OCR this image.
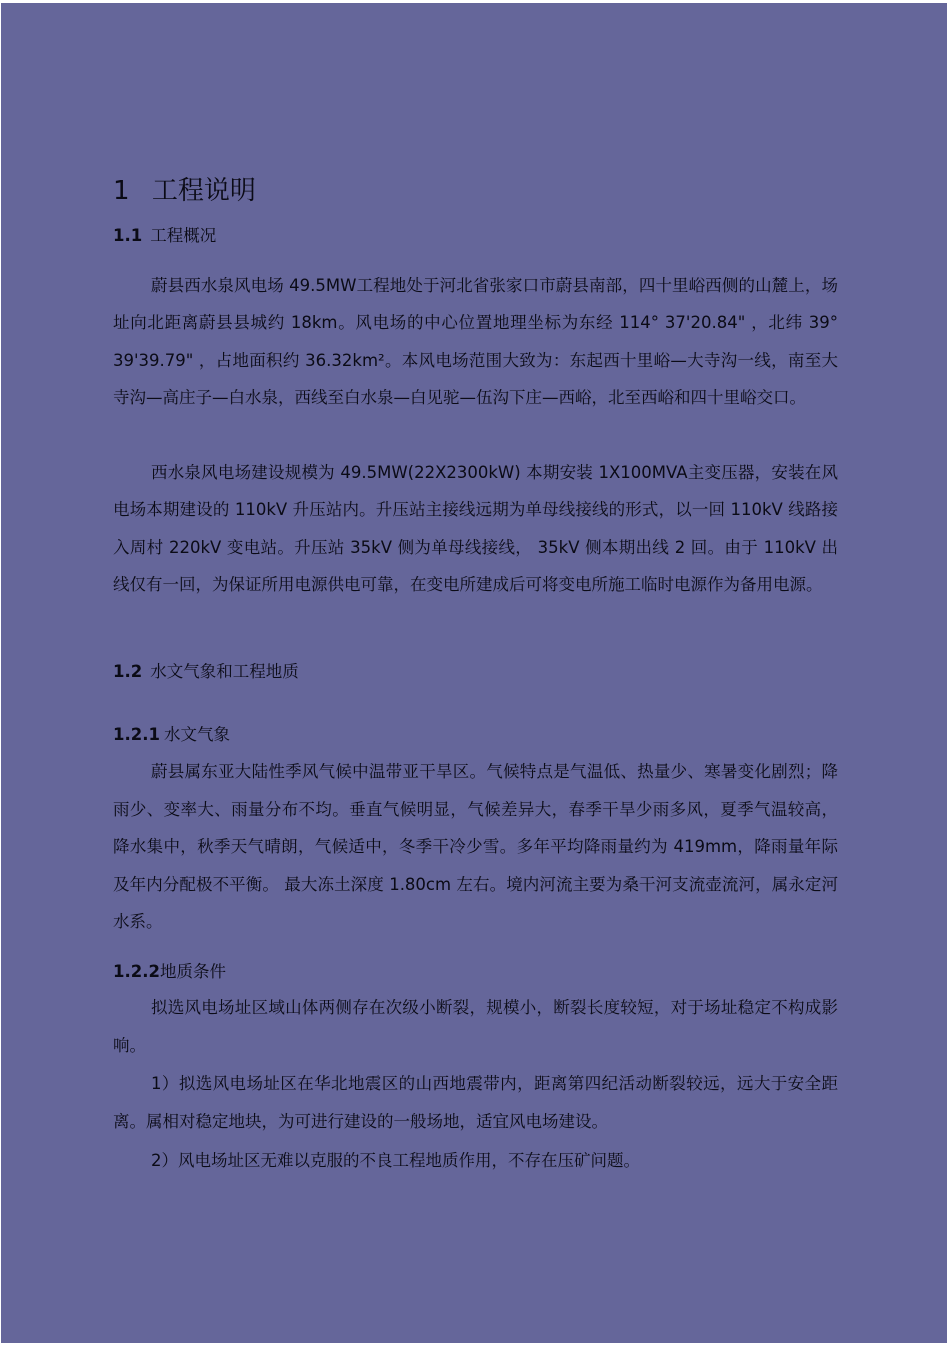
1 工程说明
1.1 工程概况

蔚县西水泉风电场 49.5MW工程地处于河北省张家口市蔚县南部，四十里峪西侧的山麓上，场址向北距离蔚县县城约 18km。风电场的中心位置地理坐标为东经 114° 37'20.84" ，北纬 39° 39'39.79" ，占地面积约 36.32km²。本风电场范围大致为：东起西十里峪—大寺沟一线，南至大寺沟—高庄子—白水泉，西线至白水泉—白见驼—伍沟下庄—西峪，北至西峪和四十里峪交口。

西水泉风电场建设规模为 49.5MW(22X2300kW) 本期安装 1X100MVA主变压器，安装在风电场本期建设的 110kV 升压站内。升压站主接线远期为单母线接线的形式，以一回 110kV 线路接入周村 220kV 变电站。升压站 35kV 侧为单母线接线， 35kV 侧本期出线 2 回。由于 110kV 出线仅有一回，为保证所用电源供电可靠，在变电所建成后可将变电所施工临时电源作为备用电源。

1.2 水文气象和工程地质
1.2.1 水文气象

蔚县属东亚大陆性季风气候中温带亚干旱区。气候特点是气温低、热量少、寒暑变化剧烈；降雨少、变率大、雨量分布不均。垂直气候明显，气候差异大，春季干旱少雨多风，夏季气温较高，降水集中，秋季天气晴朗，气候适中，冬季干冷少雪。多年平均降雨量约为 419mm，降雨量年际及年内分配极不平衡。 最大冻土深度 1.80cm 左右。境内河流主要为桑干河支流壶流河，属永定河水系。

1.2.2地质条件

拟选风电场址区域山体两侧存在次级小断裂，规模小，断裂长度较短，对于场址稳定不构成影响。

1）拟选风电场址区在华北地震区的山西地震带内，距离第四纪活动断裂较远，远大于安全距离。属相对稳定地块，为可进行建设的一般场地，适宜风电场建设。

2）风电场址区无难以克服的不良工程地质作用，不存在压矿问题。
